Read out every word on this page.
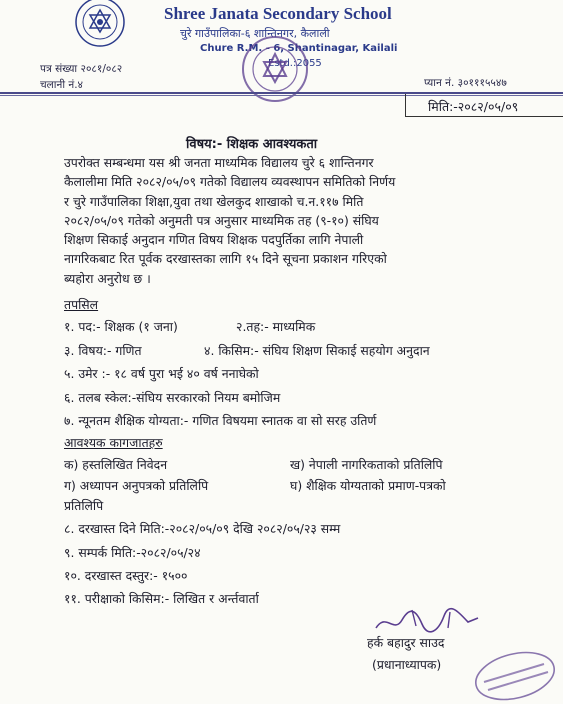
Shree Janata Secondary School
चुरे गाउँपालिका-६ शान्तिनगर, कैलाली
Chure R.M. - 6, Shantinagar, Kailali
Estd.:2055
पत्र संख्या २०८१/०८२
चलानी नं.४	प्यान नं. ३०१११५५४७
मिति:-२०८२/०५/०९
विषय:- शिक्षक आवश्यकता
उपरोक्त सम्बन्धमा यस श्री जनता माध्यमिक विद्यालय चुरे ६ शान्तिनगर
कैलालीमा मिति २०८२/०५/०९ गतेको विद्यालय व्यवस्थापन समितिको निर्णय
र चुरे गाउँपालिका शिक्षा,युवा तथा खेलकुद शाखाको च.न.११७ मिति
२०८२/०५/०९ गतेको अनुमती पत्र अनुसार माध्यमिक तह (९-१०) संघिय
शिक्षण सिकाई अनुदान गणित विषय शिक्षक पदपुर्तिका लागि नेपाली
नागरिकबाट रित पूर्वक दरखास्तका लागि १५ दिने सूचना प्रकाशन गरिएको
ब्यहोरा अनुरोध छ ।
तपसिल
१. पद:- शिक्षक (१ जना)	२.तह:- माध्यमिक
३. विषय:- गणित	४. किसिम:- संघिय शिक्षण सिकाई सहयोग अनुदान
५. उमेर :- १८ वर्ष पुरा भई ४० वर्ष ननाघेको
६. तलब स्केल:-संघिय सरकारको नियम बमोजिम
७. न्यूनतम शैक्षिक योग्यता:- गणित विषयमा स्नातक वा सो सरह उतिर्ण
आवश्यक कागजातहरु
क) हस्तलिखित निवेदन	ख) नेपाली नागरिकताको प्रतिलिपि
ग) अध्यापन अनुपत्रको प्रतिलिपि	घ) शैक्षिक योग्यताको प्रमाण-पत्रको
प्रतिलिपि
८. दरखास्त दिने मिति:-२०८२/०५/०९ देखि २०८२/०५/२३ सम्म
९. सम्पर्क मिति:-२०८२/०५/२४
१०. दरखास्त दस्तुर:- १५००
११. परीक्षाको किसिम:- लिखित र अर्न्तवार्ता
हर्क बहादुर साउद
(प्रधानाध्यापक)
